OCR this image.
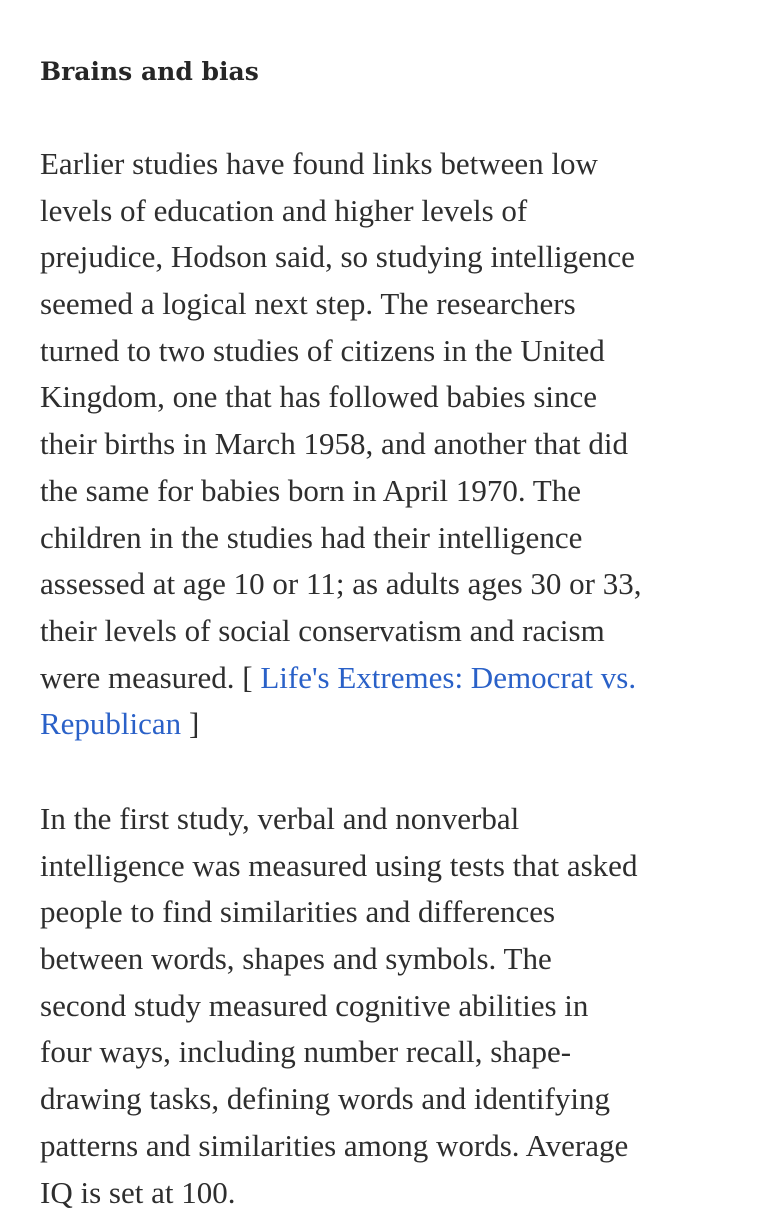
Brains and bias
Earlier studies have found links between low
levels of education and higher levels of
prejudice, Hodson said, so studying intelligence
seemed a logical next step. The researchers
turned to two studies of citizens in the United
Kingdom, one that has followed babies since
their births in March 1958, and another that did
the same for babies born in April 1970. The
children in the studies had their intelligence
assessed at age 10 or 11; as adults ages 30 or 33,
their levels of social conservatism and racism
were measured. [ Life's Extremes: Democrat vs.
Republican ]
In the first study, verbal and nonverbal
intelligence was measured using tests that asked
people to find similarities and differences
between words, shapes and symbols. The
second study measured cognitive abilities in
four ways, including number recall, shape-
drawing tasks, defining words and identifying
patterns and similarities among words. Average
IQ is set at 100.
